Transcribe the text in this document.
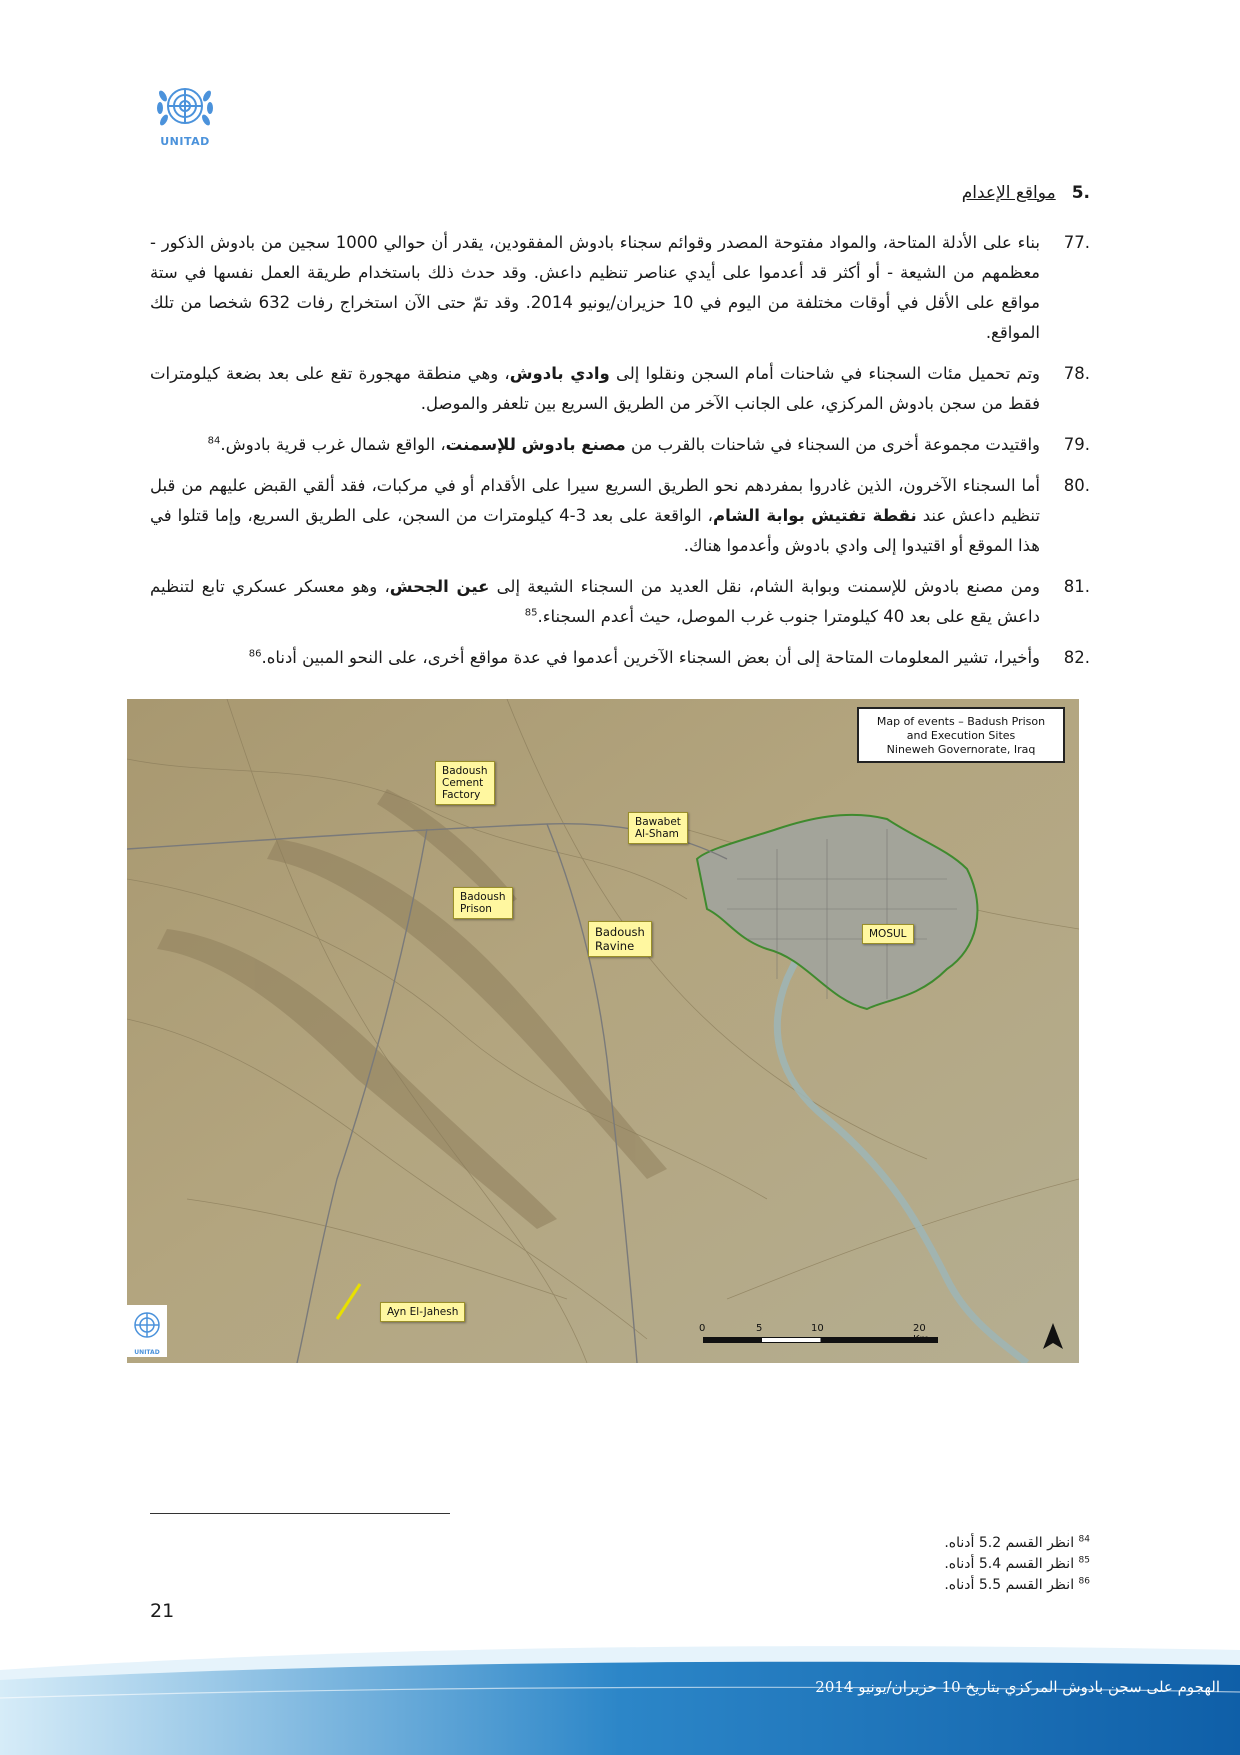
UNITAD
.5مواقع الإعدام
.77
بناء على الأدلة المتاحة، والمواد مفتوحة المصدر وقوائم سجناء بادوش المفقودين، يقدر أن حوالي 1000 سجين من بادوش الذكور - معظمهم من الشيعة - أو أكثر قد أعدموا على أيدي عناصر تنظيم داعش. وقد حدث ذلك باستخدام طريقة العمل نفسها في ستة مواقع على الأقل في أوقات مختلفة من اليوم في 10 حزيران/يونيو 2014. وقد تمّ حتى الآن استخراج رفات 632 شخصا من تلك المواقع.
.78
وتم تحميل مئات السجناء في شاحنات أمام السجن ونقلوا إلى وادي بادوش، وهي منطقة مهجورة تقع على بعد بضعة كيلومترات فقط من سجن بادوش المركزي، على الجانب الآخر من الطريق السريع بين تلعفر والموصل.
.79
واقتيدت مجموعة أخرى من السجناء في شاحنات بالقرب من مصنع بادوش للإسمنت، الواقع شمال غرب قرية بادوش.$^{84}$
.80
أما السجناء الآخرون، الذين غادروا بمفردهم نحو الطريق السريع سيرا على الأقدام أو في مركبات، فقد ألقي القبض عليهم من قبل تنظيم داعش عند نقطة تفتيش بوابة الشام، الواقعة على بعد 3-4 كيلومترات من السجن، على الطريق السريع، وإما قتلوا في هذا الموقع أو اقتيدوا إلى وادي بادوش وأعدموا هناك.
.81
ومن مصنع بادوش للإسمنت وبوابة الشام، نقل العديد من السجناء الشيعة إلى عين الجحش، وهو معسكر عسكري تابع لتنظيم داعش يقع على بعد 40 كيلومترا جنوب غرب الموصل، حيث أعدم السجناء.$^{85}$
.82
وأخيرا، تشير المعلومات المتاحة إلى أن بعض السجناء الآخرين أعدموا في عدة مواقع أخرى، على النحو المبين أدناه.$^{86}$
Map of events – Badush Prison
and Execution Sites
Nineweh Governorate, Iraq
Badoush
Cement
Factory
Bawabet
Al-Sham
Badoush
Prison
Badoush
Ravine
MOSUL
Ayn El-Jahesh
UNITAD
0	5	10	20
$^{84}$ انظر القسم 5.2 أدناه.
$^{85}$ انظر القسم 5.4 أدناه.
$^{86}$ انظر القسم 5.5 أدناه.
21
الهجوم على سجن بادوش المركزي بتاريخ 10 حزيران/يونيو 2014
